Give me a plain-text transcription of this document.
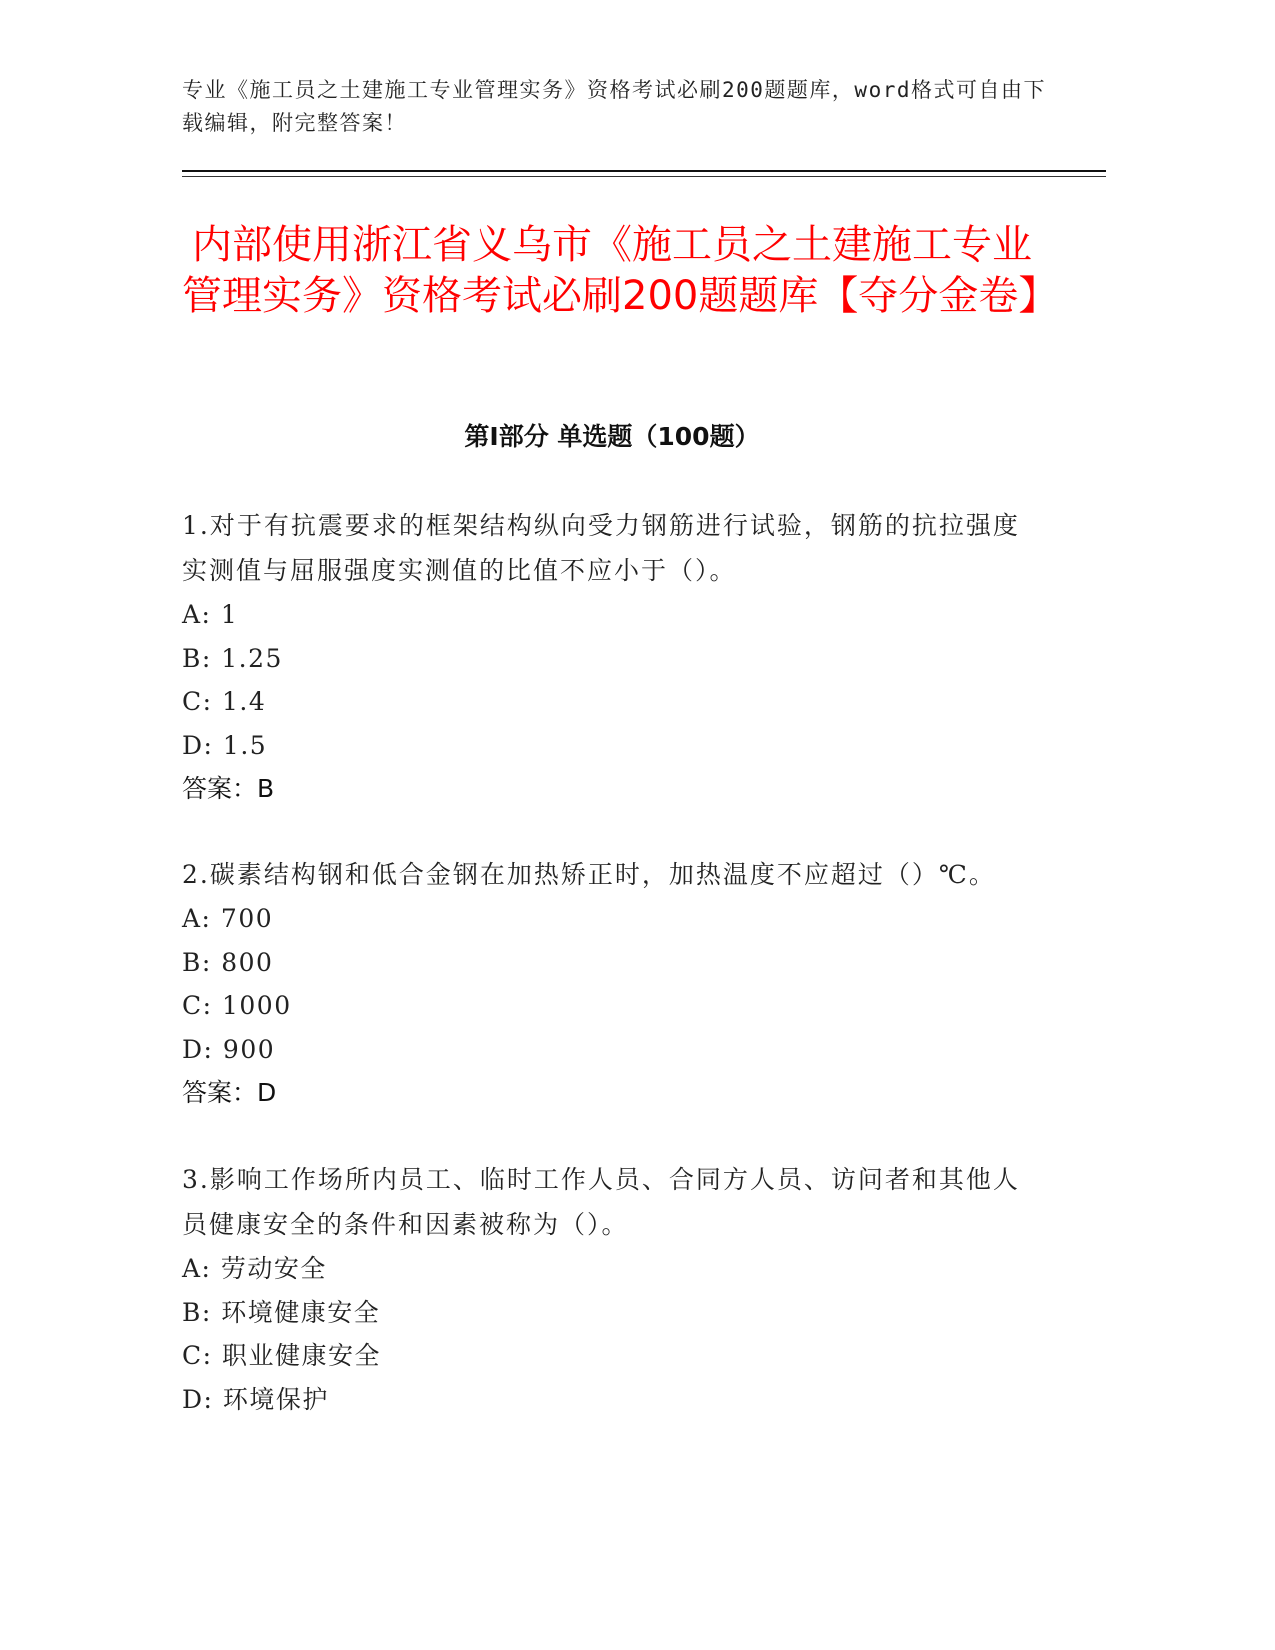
专业《施工员之土建施工专业管理实务》资格考试必刷200题题库，word格式可自由下载编辑，附完整答案！
内部使用浙江省义乌市《施工员之土建施工专业管理实务》资格考试必刷200题题库【夺分金卷】
第Ⅰ部分 单选题（100题）

1.对于有抗震要求的框架结构纵向受力钢筋进行试验，钢筋的抗拉强度实测值与屈服强度实测值的比值不应小于（）。

A: 1

B: 1.25

C: 1.4

D: 1.5

答案：B

2.碳素结构钢和低合金钢在加热矫正时，加热温度不应超过（）℃。

A: 700

B: 800

C: 1000

D: 900

答案：D

3.影响工作场所内员工、临时工作人员、合同方人员、访问者和其他人员健康安全的条件和因素被称为（）。

A: 劳动安全

B: 环境健康安全

C: 职业健康安全

D: 环境保护
